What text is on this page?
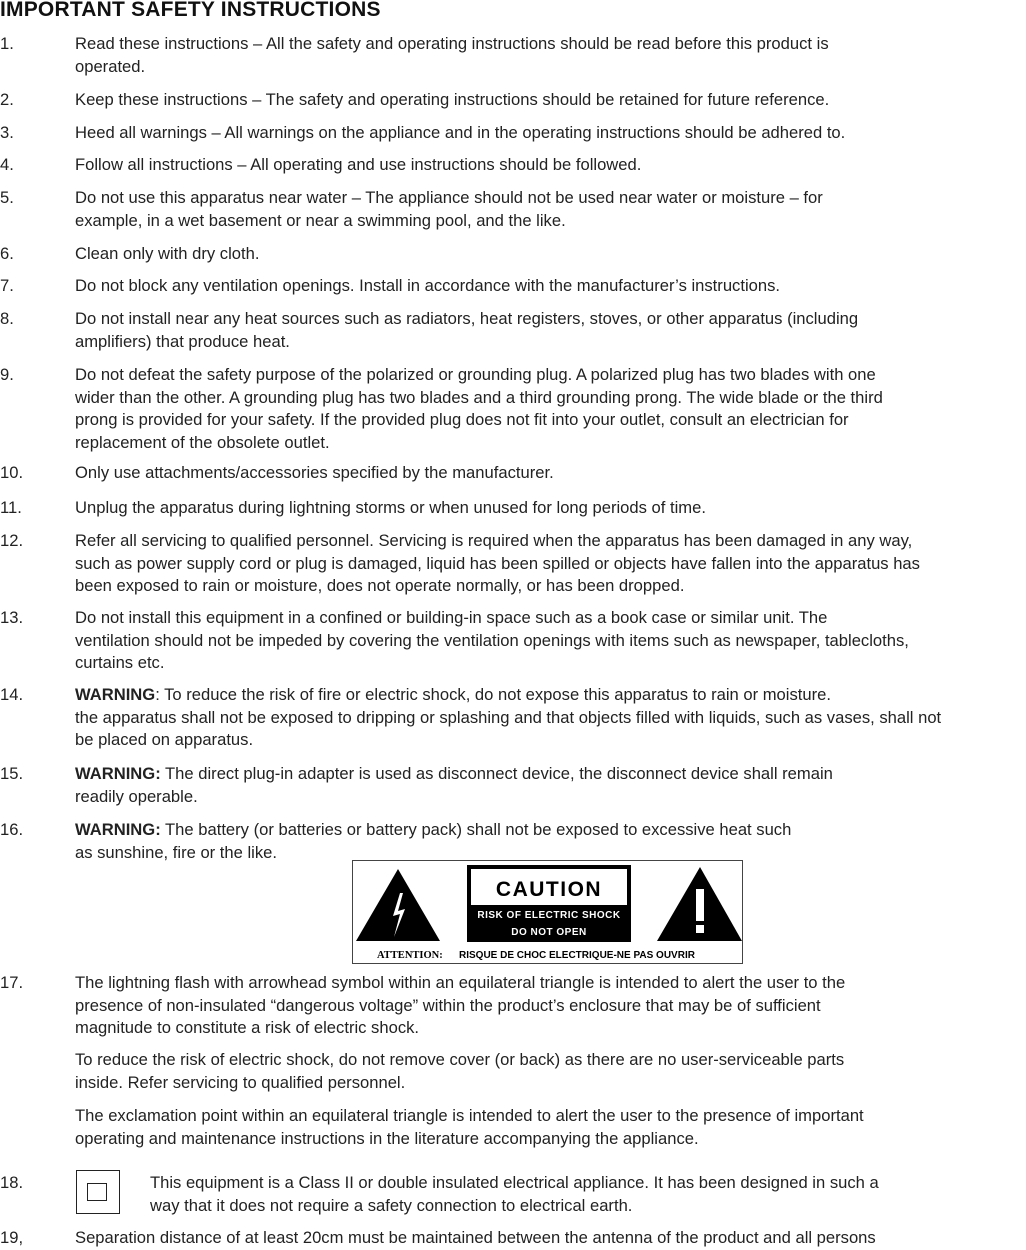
IMPORTANT SAFETY INSTRUCTIONS
1.	Read these instructions – All the safety and operating instructions should be read before this product is
operated.
2.	Keep these instructions – The safety and operating instructions should be retained for future reference.
3.	Heed all warnings – All warnings on the appliance and in the operating instructions should be adhered to.
4.	Follow all instructions – All operating and use instructions should be followed.
5.	Do not use this apparatus near water – The appliance should not be used near water or moisture – for
example, in a wet basement or near a swimming pool, and the like.
6.	Clean only with dry cloth.
7.	Do not block any ventilation openings. Install in accordance with the manufacturer’s instructions.
8.	Do not install near any heat sources such as radiators, heat registers, stoves, or other apparatus (including
amplifiers) that produce heat.
9.	Do not defeat the safety purpose of the polarized or grounding plug. A polarized plug has two blades with one
wider than the other. A grounding plug has two blades and a third grounding prong. The wide blade or the third
prong is provided for your safety. If the provided plug does not fit into your outlet, consult an electrician for
replacement of the obsolete outlet.
10.	Only use attachments/accessories specified by the manufacturer.
11.	Unplug the apparatus during lightning storms or when unused for long periods of time.
12.	Refer all servicing to qualified personnel. Servicing is required when the apparatus has been damaged in any way,
such as power supply cord or plug is damaged, liquid has been spilled or objects have fallen into the apparatus has
been exposed to rain or moisture, does not operate normally, or has been dropped.
13.	Do not install this equipment in a confined or building-in space such as a book case or similar unit. The
ventilation should not be impeded by covering the ventilation openings with items such as newspaper, tablecloths,
curtains etc.
14.	WARNING: To reduce the risk of fire or electric shock, do not expose this apparatus to rain or moisture.
the apparatus shall not be exposed to dripping or splashing and that objects filled with liquids, such as vases, shall not
be placed on apparatus.
15.	WARNING: The direct plug-in adapter is used as disconnect device, the disconnect device shall remain
readily operable.
16.	WARNING: The battery (or batteries or battery pack) shall not be exposed to excessive heat such
as sunshine, fire or the like.
CAUTION
RISK OF ELECTRIC SHOCK
DO NOT OPEN
ATTENTION: RISQUE DE CHOC ELECTRIQUE-NE PAS OUVRIR
17.	The lightning flash with arrowhead symbol within an equilateral triangle is intended to alert the user to the
presence of non-insulated “dangerous voltage” within the product’s enclosure that may be of sufficient
magnitude to constitute a risk of electric shock.
To reduce the risk of electric shock, do not remove cover (or back) as there are no user-serviceable parts
inside. Refer servicing to qualified personnel.
The exclamation point within an equilateral triangle is intended to alert the user to the presence of important
operating and maintenance instructions in the literature accompanying the appliance.
18.	This equipment is a Class II or double insulated electrical appliance. It has been designed in such a
way that it does not require a safety connection to electrical earth.
19,	Separation distance of at least 20cm must be maintained between the antenna of the product and all persons
